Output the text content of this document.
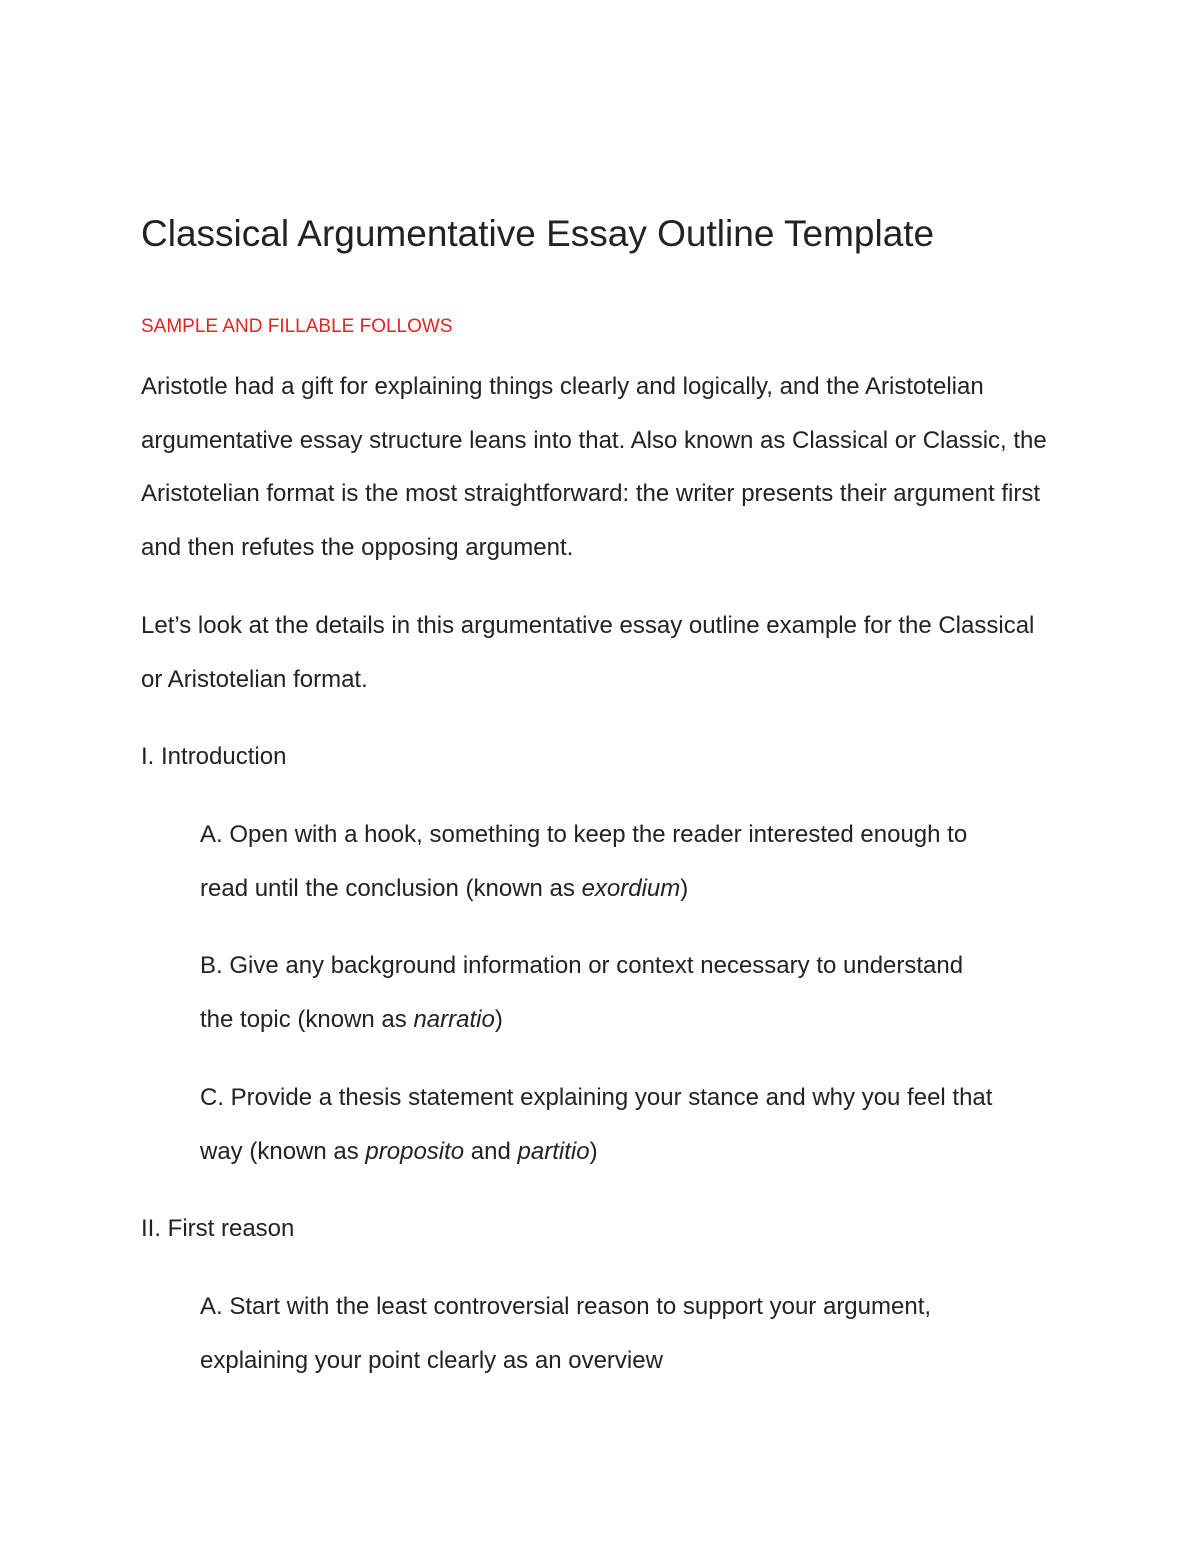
Classical Argumentative Essay Outline Template

SAMPLE AND FILLABLE FOLLOWS

Aristotle had a gift for explaining things clearly and logically, and the Aristotelian argumentative essay structure leans into that. Also known as Classical or Classic, the Aristotelian format is the most straightforward: the writer presents their argument first and then refutes the opposing argument.

Let’s look at the details in this argumentative essay outline example for the Classical or Aristotelian format.

I. Introduction

A. Open with a hook, something to keep the reader interested enough to read until the conclusion (known as exordium)

B. Give any background information or context necessary to understand the topic (known as narratio)

C. Provide a thesis statement explaining your stance and why you feel that way (known as proposito and partitio)

II. First reason

A. Start with the least controversial reason to support your argument, explaining your point clearly as an overview
